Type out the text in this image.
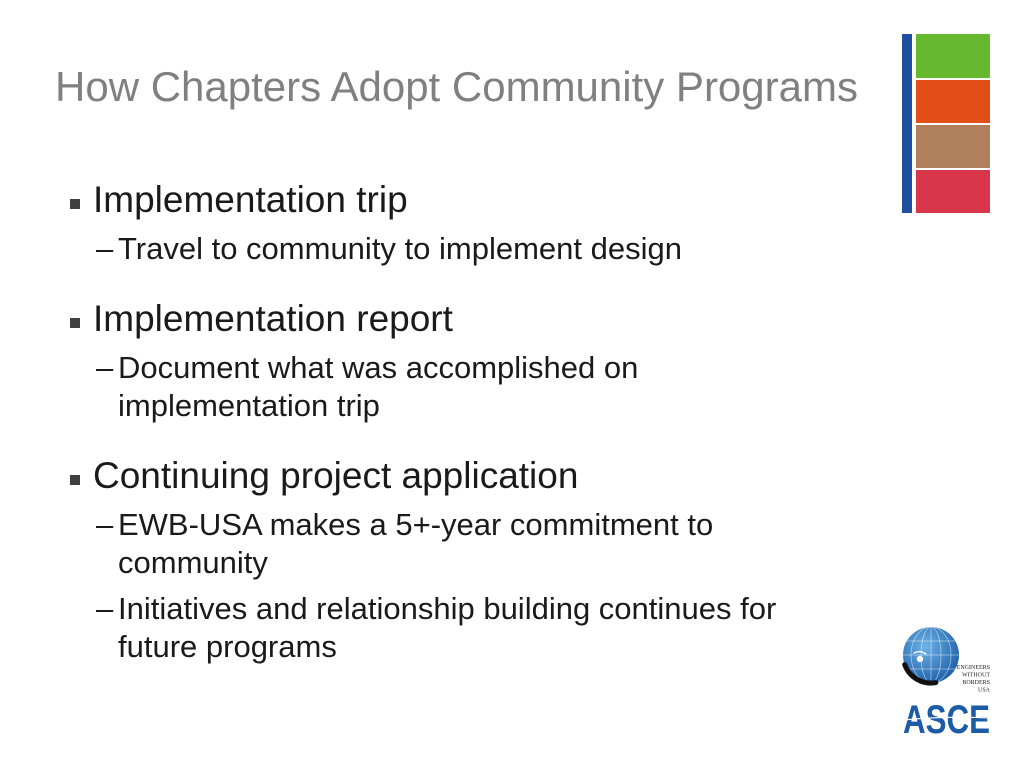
How Chapters Adopt Community Programs
Implementation trip
– Travel to community to implement design
Implementation report
– Document what was accomplished on implementation trip
Continuing project application
– EWB-USA makes a 5+-year commitment to community
– Initiatives and relationship building continues for future programs
ENGINEERS
WITHOUT
BORDERS
USA
ASCE
